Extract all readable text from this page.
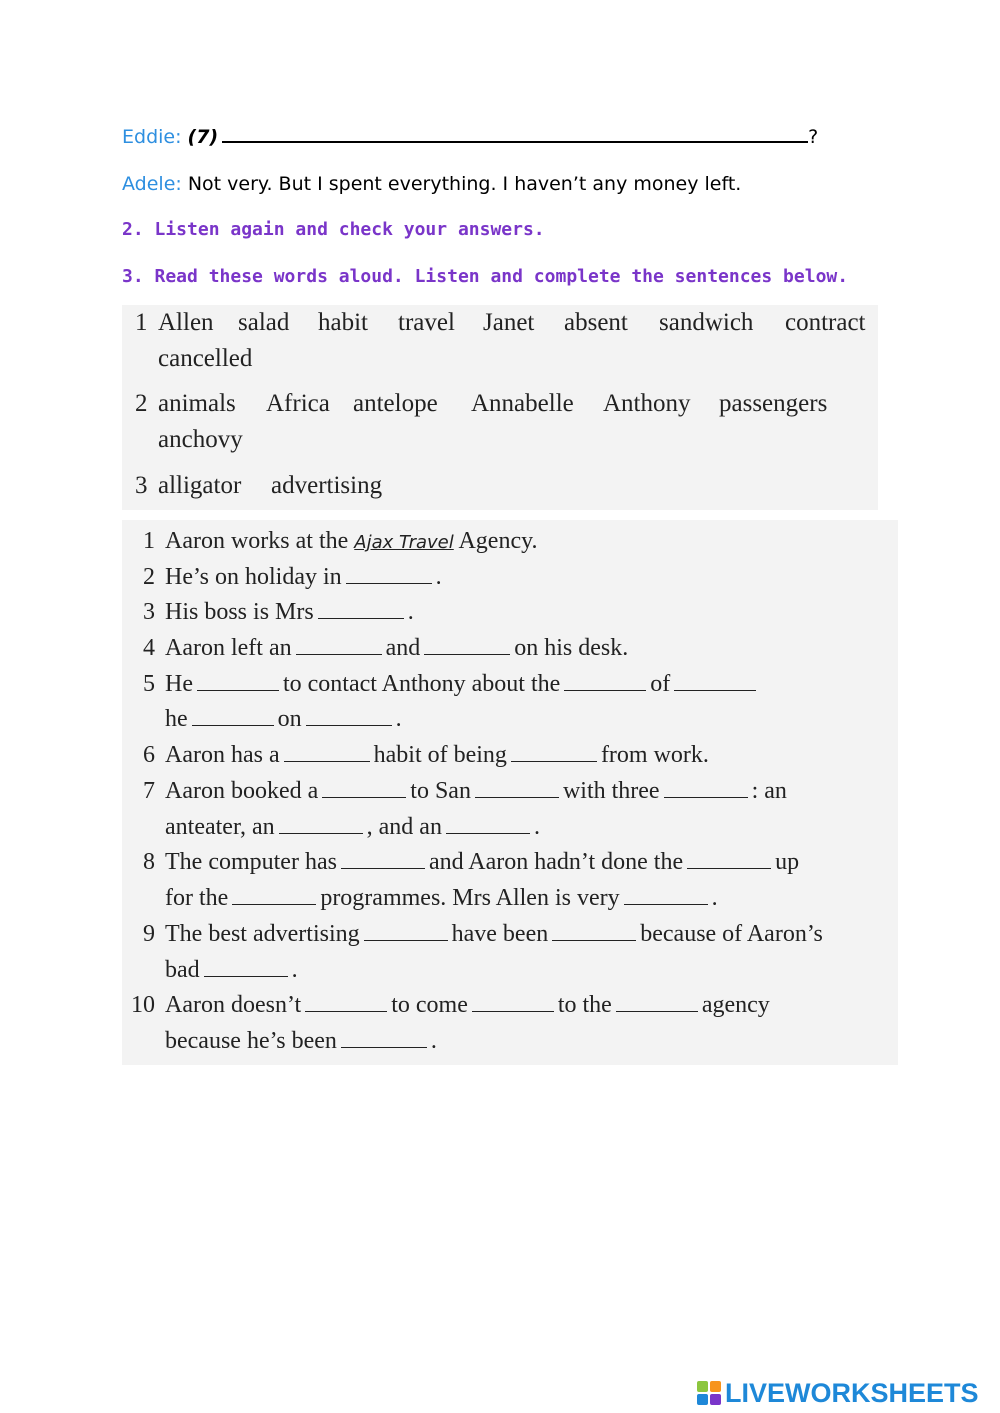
Eddie: (7)	?
Adele: Not very. But I spent everything. I haven’t any money left.
2. Listen again and check your answers.
3. Read these words aloud. Listen and complete the sentences below.
1 Allen salad habit travel Janet absent sandwich contract
cancelled
2 animals Africa antelope Annabelle Anthony passengers
anchovy
3 alligator advertising
1 Aaron works at the Ajax Travel Agency.
2 He’s on holiday in	.
3 His boss is Mrs	.
4 Aaron left an	and	on his desk.
5 He	to contact Anthony about the	of
he	on	.
6 Aaron has a	habit of being	from work.
7 Aaron booked a	to San	with three	: an
anteater, an	, and an	.
8 The computer has	and Aaron hadn’t done the	up
for the	programmes. Mrs Allen is very	.
9 The best advertising	have been	because of Aaron’s
bad	.
10 Aaron doesn’t	to come	to the	agency
because he’s been	.
LIVEWORKSHEETS
